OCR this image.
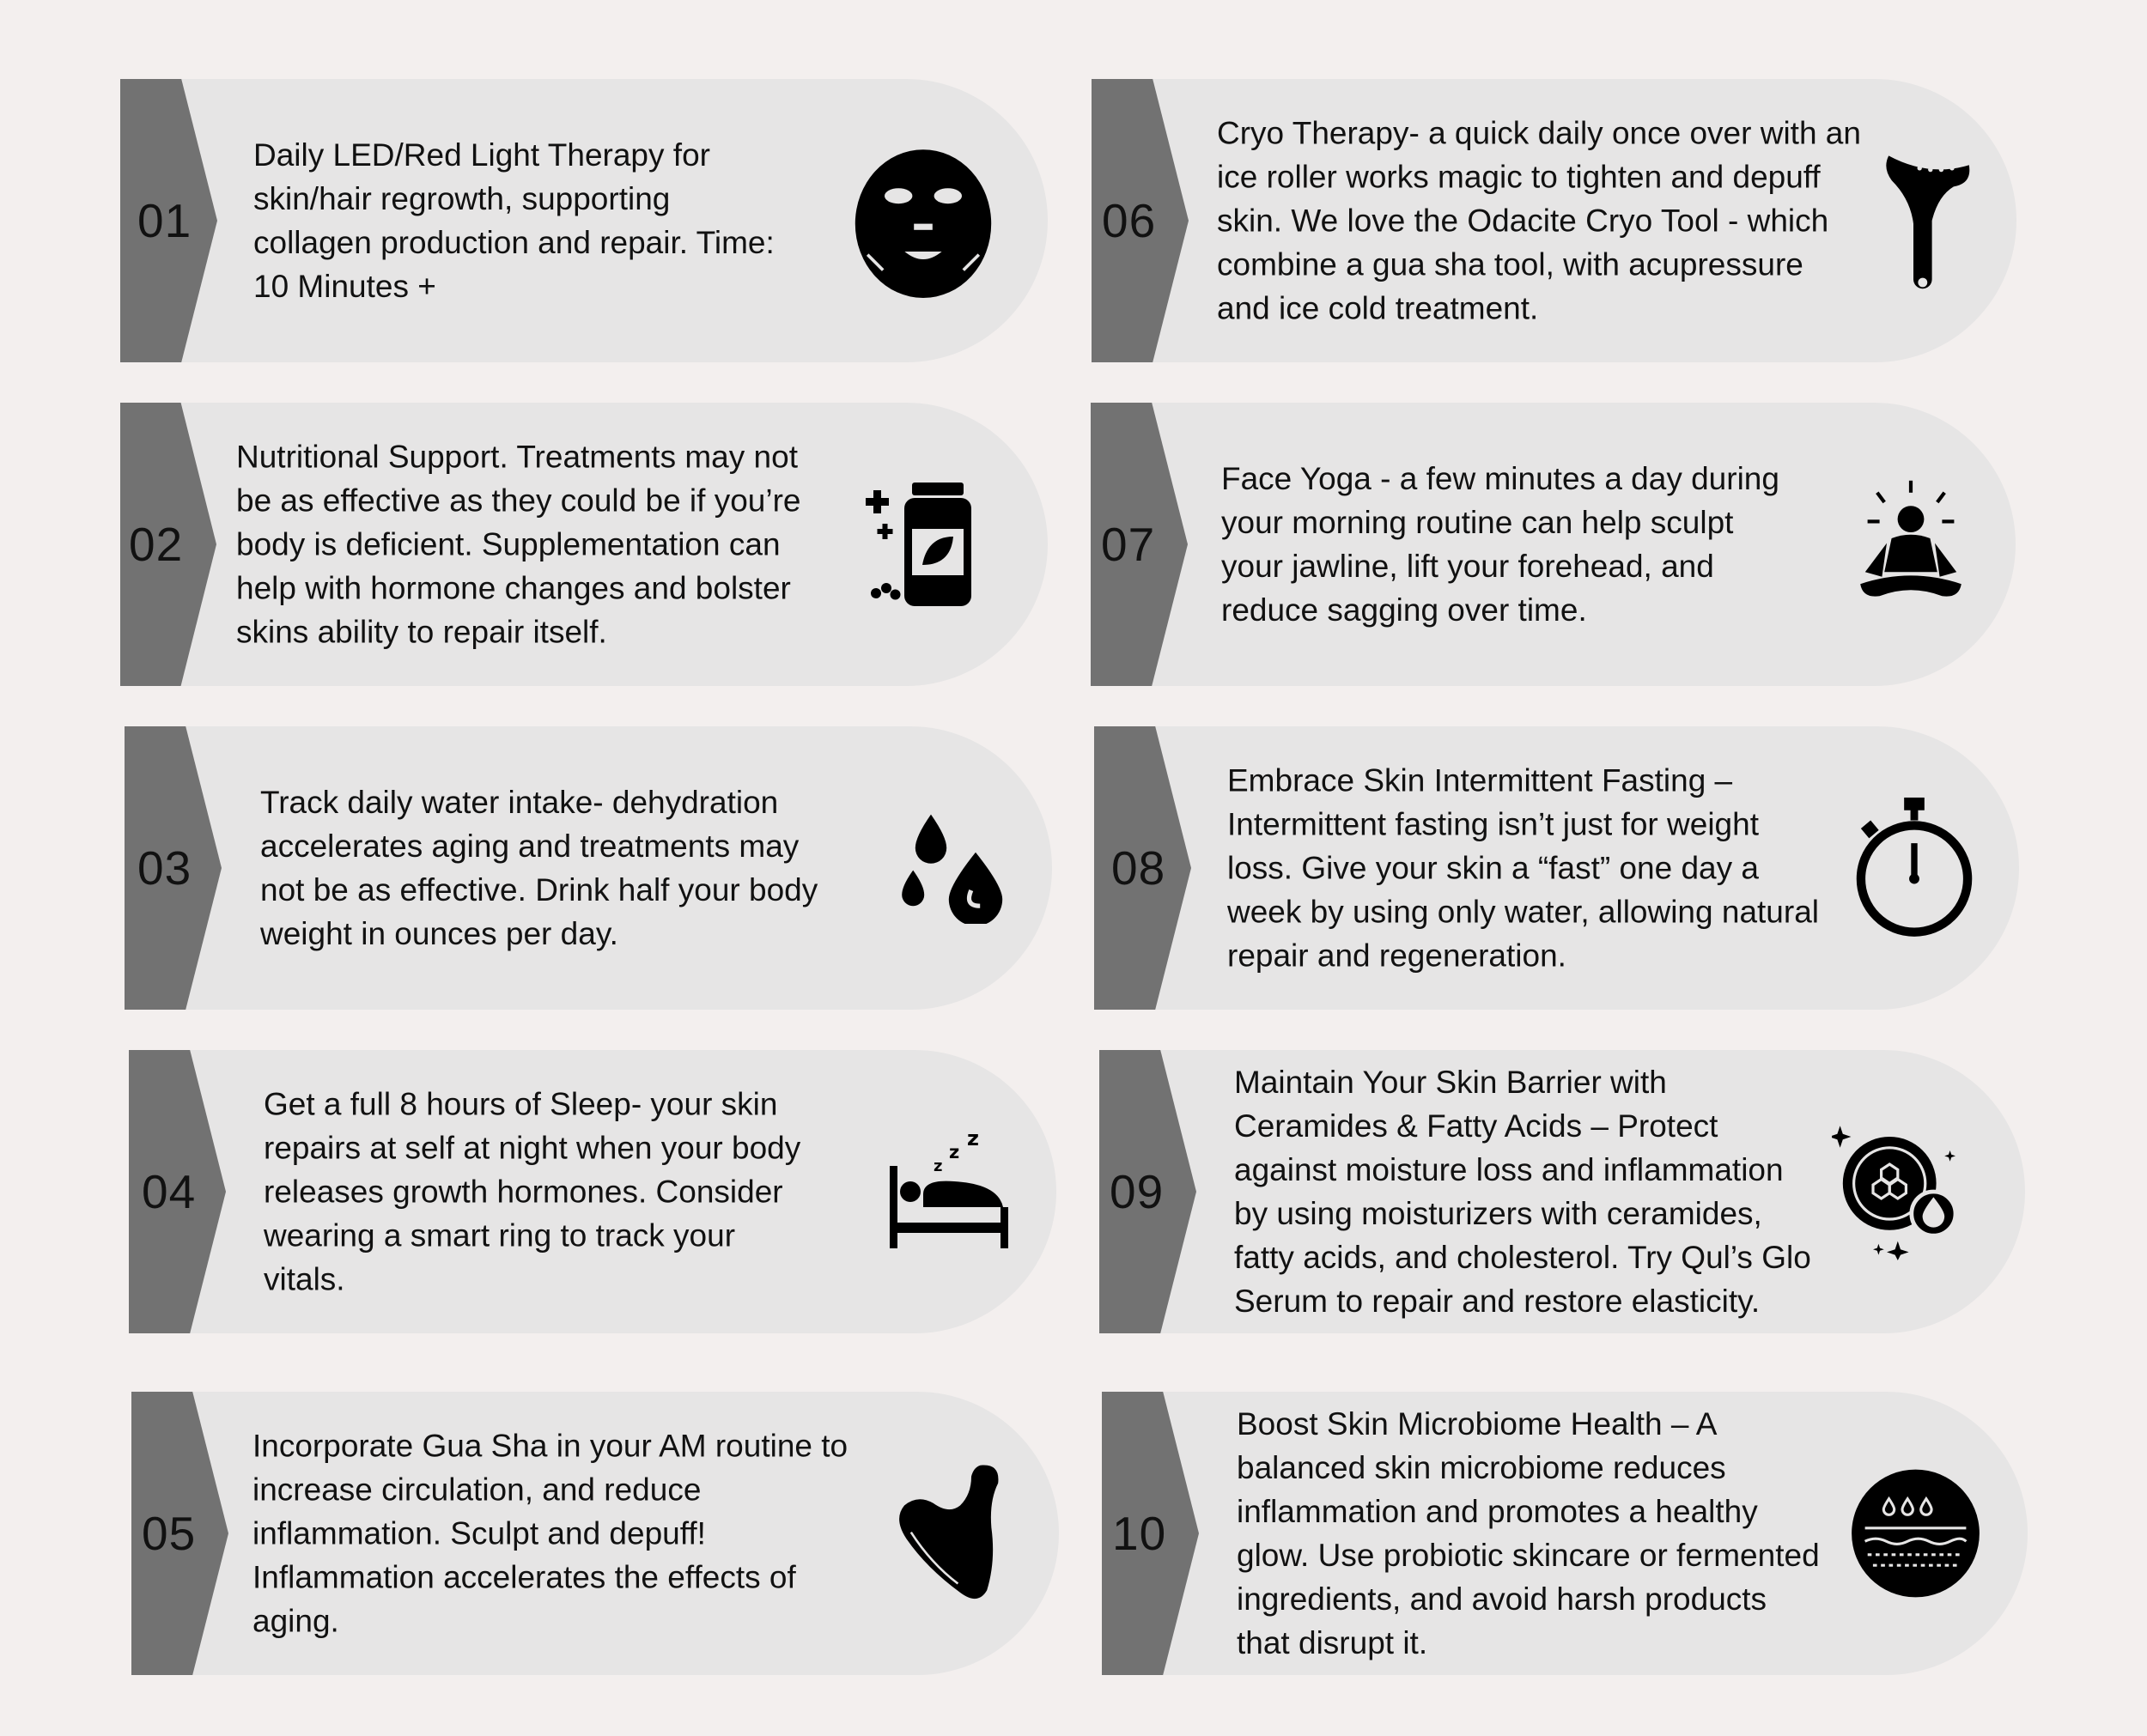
01
Daily LED/Red Light Therapy for
skin/hair regrowth, supporting
collagen production and repair. Time:
10 Minutes +
02
Nutritional Support. Treatments may not
be as effective as they could be if you’re
body is deficient. Supplementation can
help with hormone changes and bolster
skins ability to repair itself.
03
Track daily water intake- dehydration
accelerates aging and treatments may
not be as effective. Drink half your body
weight in ounces per day.
04
Get a full 8 hours of Sleep- your skin
repairs at self at night when your body
releases growth hormones. Consider
wearing a smart ring to track your
vitals.
z
z
z
05
Incorporate Gua Sha in your AM routine to
increase circulation, and reduce
inflammation. Sculpt and depuff!
Inflammation accelerates the effects of
aging.
06
Cryo Therapy- a quick daily once over with an
ice roller works magic to tighten and depuff
skin. We love the Odacite Cryo Tool - which
combine a gua sha tool, with acupressure
and ice cold treatment.
07
Face Yoga - a few minutes a day during
your morning routine can help sculpt
your jawline, lift your forehead, and
reduce sagging over time.
08
Embrace Skin Intermittent Fasting –
Intermittent fasting isn’t just for weight
loss. Give your skin a “fast” one day a
week by using only water, allowing natural
repair and regeneration.
09
Maintain Your Skin Barrier with
Ceramides & Fatty Acids – Protect
against moisture loss and inflammation
by using moisturizers with ceramides,
fatty acids, and cholesterol. Try Qul’s Glo
Serum to repair and restore elasticity.
10
Boost Skin Microbiome Health – A
balanced skin microbiome reduces
inflammation and promotes a healthy
glow. Use probiotic skincare or fermented
ingredients, and avoid harsh products
that disrupt it.
